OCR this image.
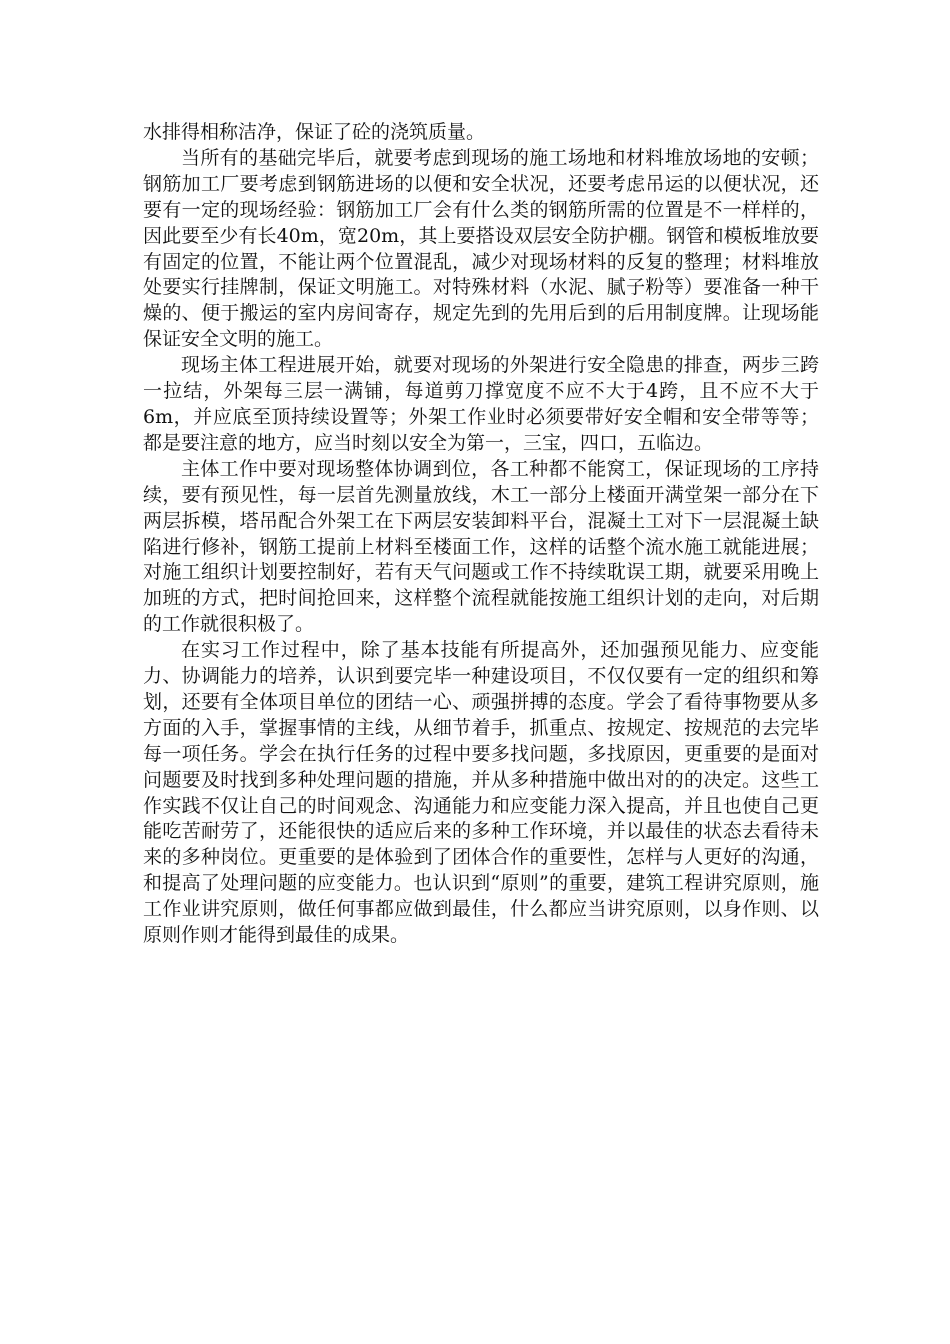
水排得相称洁净，保证了砼的浇筑质量。

当所有的基础完毕后，就要考虑到现场的施工场地和材料堆放场地的安顿；钢筋加工厂要考虑到钢筋进场的以便和安全状况，还要考虑吊运的以便状况，还要有一定的现场经验：钢筋加工厂会有什么类的钢筋所需的位置是不一样样的，因此要至少有长40m，宽20m，其上要搭设双层安全防护棚。钢管和模板堆放要有固定的位置，不能让两个位置混乱，减少对现场材料的反复的整理；材料堆放处要实行挂牌制，保证文明施工。对特殊材料（水泥、腻子粉等）要准备一种干燥的、便于搬运的室内房间寄存，规定先到的先用后到的后用制度牌。让现场能保证安全文明的施工。

现场主体工程进展开始，就要对现场的外架进行安全隐患的排查，两步三跨一拉结，外架每三层一满铺，每道剪刀撑宽度不应不大于4跨，且不应不大于6m，并应底至顶持续设置等；外架工作业时必须要带好安全帽和安全带等等；都是要注意的地方，应当时刻以安全为第一，三宝，四口，五临边。

主体工作中要对现场整体协调到位，各工种都不能窝工，保证现场的工序持续，要有预见性，每一层首先测量放线，木工一部分上楼面开满堂架一部分在下两层拆模，塔吊配合外架工在下两层安装卸料平台，混凝土工对下一层混凝土缺陷进行修补，钢筋工提前上材料至楼面工作，这样的话整个流水施工就能进展；对施工组织计划要控制好，若有天气问题或工作不持续耽误工期，就要采用晚上加班的方式，把时间抢回来，这样整个流程就能按施工组织计划的走向，对后期的工作就很积极了。

在实习工作过程中，除了基本技能有所提高外，还加强预见能力、应变能力、协调能力的培养，认识到要完毕一种建设项目，不仅仅要有一定的组织和筹划，还要有全体项目单位的团结一心、顽强拼搏的态度。学会了看待事物要从多方面的入手，掌握事情的主线，从细节着手，抓重点、按规定、按规范的去完毕每一项任务。学会在执行任务的过程中要多找问题，多找原因，更重要的是面对问题要及时找到多种处理问题的措施，并从多种措施中做出对的的决定。这些工作实践不仅让自己的时间观念、沟通能力和应变能力深入提高，并且也使自己更能吃苦耐劳了，还能很快的适应后来的多种工作环境，并以最佳的状态去看待未来的多种岗位。更重要的是体验到了团体合作的重要性，怎样与人更好的沟通，和提高了处理问题的应变能力。也认识到“原则”的重要，建筑工程讲究原则，施工作业讲究原则，做任何事都应做到最佳，什么都应当讲究原则，以身作则、以原则作则才能得到最佳的成果。
